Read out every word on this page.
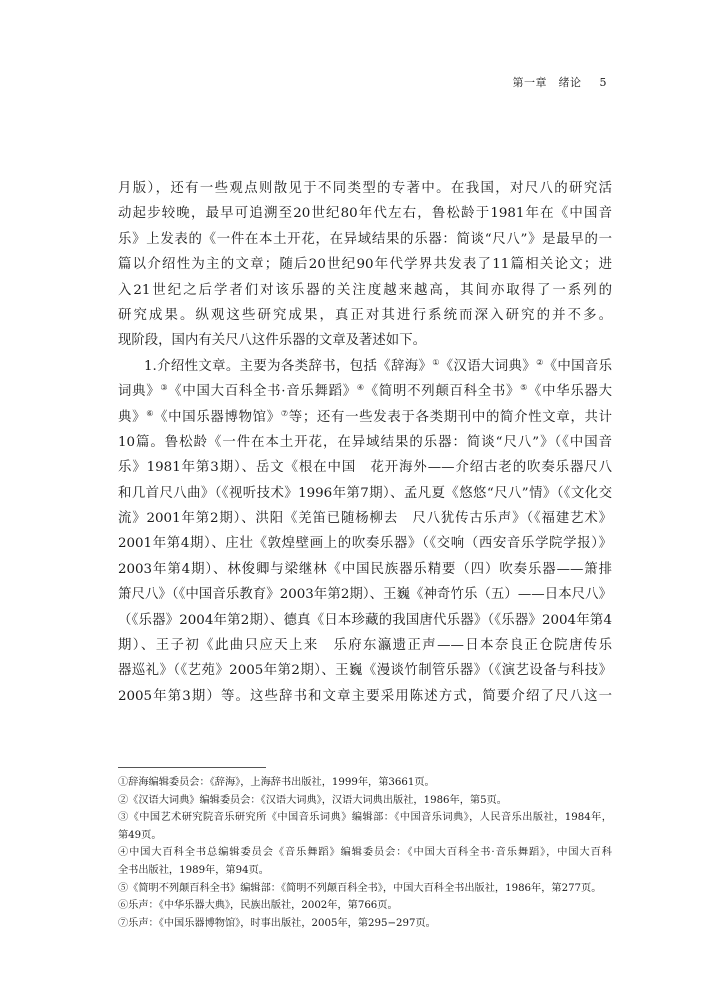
第一章　绪论 5
月版），还有一些观点则散见于不同类型的专著中。在我国，对尺八的研究活
动起步较晚，最早可追溯至20世纪80年代左右，鲁松龄于1981年在《中国音
乐》上发表的《一件在本土开花，在异域结果的乐器：简谈“尺八”》是最早的一
篇以介绍性为主的文章；随后20世纪90年代学界共发表了11篇相关论文；进
入21世纪之后学者们对该乐器的关注度越来越高，其间亦取得了一系列的
研究成果。纵观这些研究成果，真正对其进行系统而深入研究的并不多。
现阶段，国内有关尺八这件乐器的文章及著述如下。
1.介绍性文章。主要为各类辞书，包括《辞海》①《汉语大词典》②《中国音乐
词典》③《中国大百科全书·音乐舞蹈》④《简明不列颠百科全书》⑤《中华乐器大
典》⑥《中国乐器博物馆》⑦等；还有一些发表于各类期刊中的简介性文章，共计
10篇。鲁松龄《一件在本土开花，在异域结果的乐器：简谈“尺八”》（《中国音
乐》1981年第3期）、岳文《根在中国　花开海外——介绍古老的吹奏乐器尺八
和几首尺八曲》（《视听技术》1996年第7期）、孟凡夏《悠悠“尺八”情》（《文化交
流》2001年第2期）、洪阳《羌笛已随杨柳去　尺八犹传古乐声》（《福建艺术》
2001年第4期）、庄壮《敦煌壁画上的吹奏乐器》（《交响（西安音乐学院学报）》
2003年第4期）、林俊卿与梁继林《中国民族器乐精要（四）吹奏乐器——箫排
箫尺八》（《中国音乐教育》2003年第2期）、王巍《神奇竹乐（五）——日本尺八》
（《乐器》2004年第2期）、德真《日本珍藏的我国唐代乐器》（《乐器》2004年第4
期）、王子初《此曲只应天上来　乐府东瀛遗正声——日本奈良正仓院唐传乐
器巡礼》（《艺苑》2005年第2期）、王巍《漫谈竹制管乐器》（《演艺设备与科技》
2005年第3期）等。这些辞书和文章主要采用陈述方式，简要介绍了尺八这一
①辞海编辑委员会：《辞海》，上海辞书出版社，1999年，第3661页。
②《汉语大词典》编辑委员会：《汉语大词典》，汉语大词典出版社，1986年，第5页。
③《中国艺术研究院音乐研究所《中国音乐词典》编辑部：《中国音乐词典》，人民音乐出版社，1984年，
第49页。
④中国大百科全书总编辑委员会《音乐舞蹈》编辑委员会：《中国大百科全书·音乐舞蹈》，中国大百科
全书出版社，1989年，第94页。
⑤《简明不列颠百科全书》编辑部：《简明不列颠百科全书》，中国大百科全书出版社，1986年，第277页。
⑥乐声：《中华乐器大典》，民族出版社，2002年，第766页。
⑦乐声：《中国乐器博物馆》，时事出版社，2005年，第295−297页。
